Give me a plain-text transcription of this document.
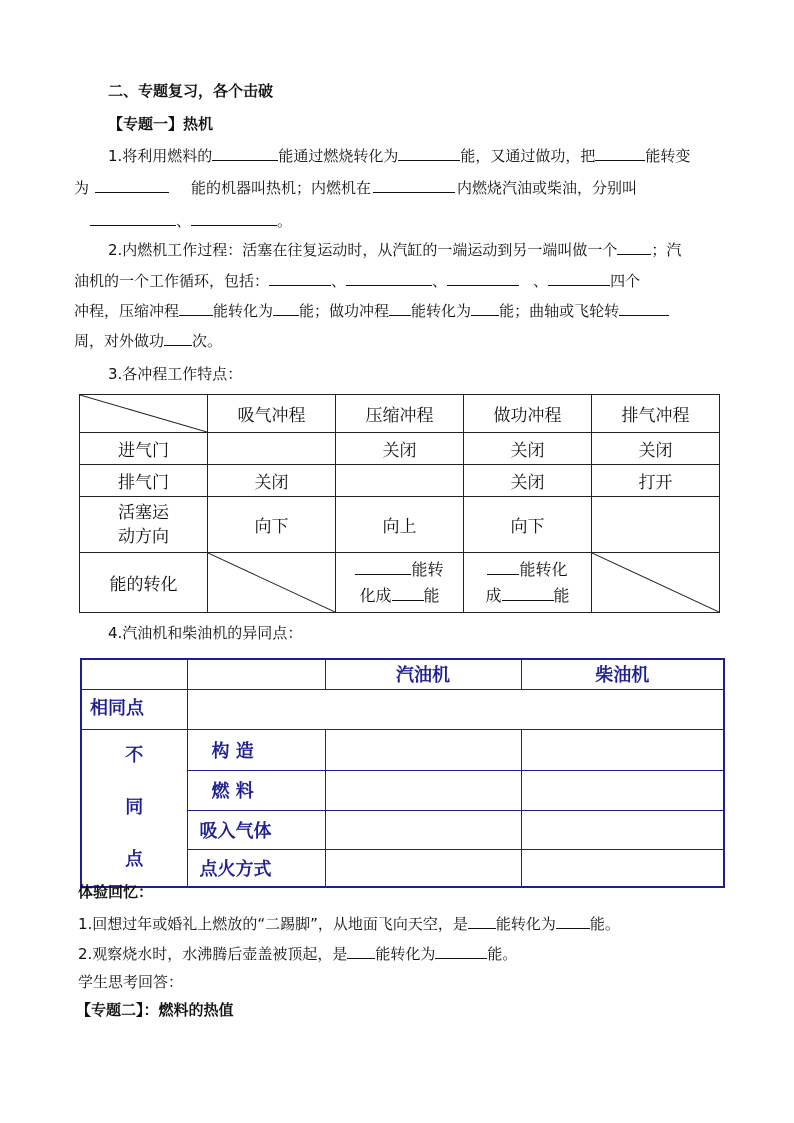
二、专题复习，各个击破
【专题一】热机
1.将利用燃料的	能通过燃烧转化为	能，又通过做功，把	能转变
为	能的机器叫热机；内燃机在	内燃烧汽油或柴油，分别叫
、	。
2.内燃机工作过程：活塞在往复运动时，从汽缸的一端运动到另一端叫做一个 ；汽
油机的一个工作循环，包括：	、	、	、	四个
冲程，压缩冲程 能转化为 能；做功冲程 能转化为 能；曲轴或飞轮转
周，对外做功 次。
3.各冲程工作特点：
	吸气冲程	压缩冲程	做功冲程	排气冲程
进气门		关闭	关闭	关闭
排气门	关闭		关闭	打开
活塞运
动方向	向下	向上	向下	
能的转化		能转
化成 能	能转化
成 能	
4.汽油机和柴油机的异同点：
		汽油机	柴油机
相同点			
不
同
点	构 造		
	燃 料		
	吸入气体		
	点火方式		
体验回忆：
1.回想过年或婚礼上燃放的“二踢脚”，从地面飞向天空，是 能转化为 能。
2.观察烧水时，水沸腾后壶盖被顶起，是 能转化为	能。
学生思考回答：
【专题二】：燃料的热值
